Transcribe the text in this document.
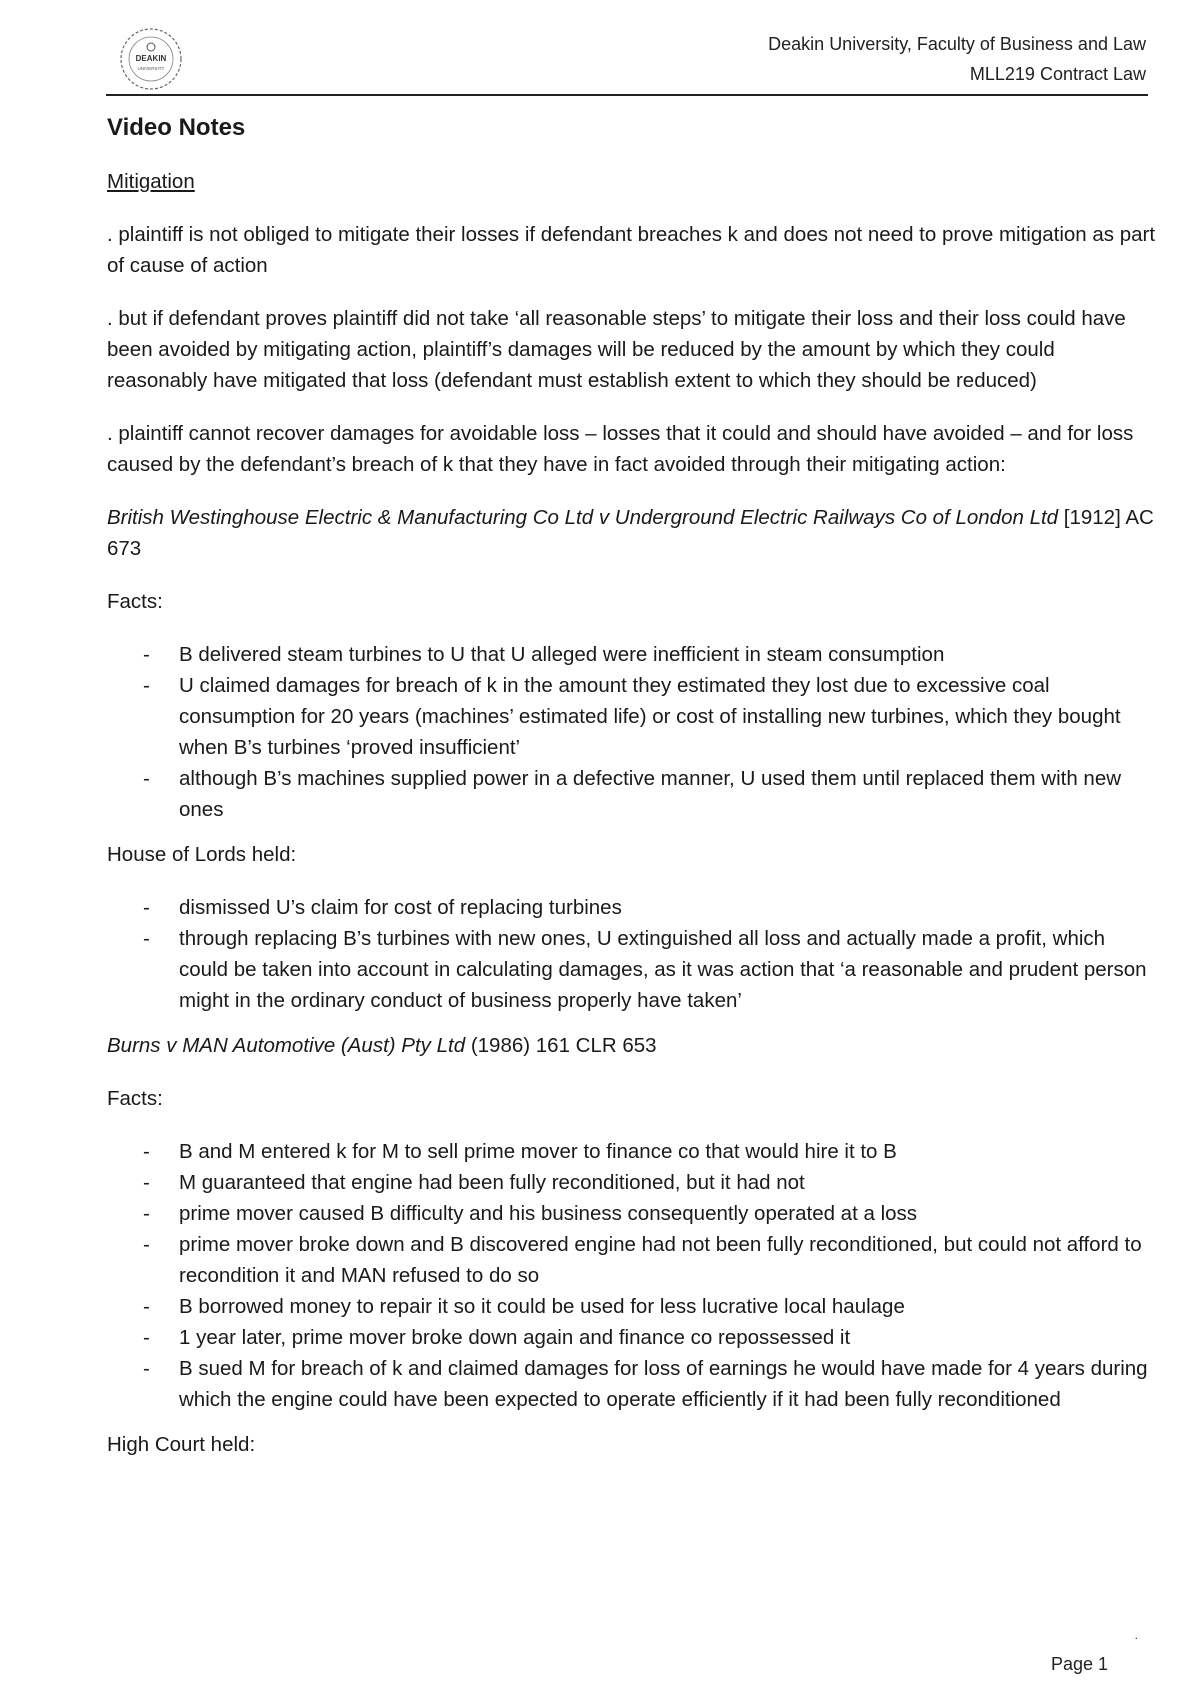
DEAKIN
UNIVERSITY
Deakin University, Faculty of Business and Law
MLL219 Contract Law
Video Notes
Mitigation

. plaintiff is not obliged to mitigate their losses if defendant breaches k and does not need to prove mitigation as part of cause of action

. but if defendant proves plaintiff did not take ‘all reasonable steps’ to mitigate their loss and their loss could have been avoided by mitigating action, plaintiff’s damages will be reduced by the amount by which they could reasonably have mitigated that loss (defendant must establish extent to which they should be reduced)

. plaintiff cannot recover damages for avoidable loss – losses that it could and should have avoided – and for loss caused by the defendant’s breach of k that they have in fact avoided through their mitigating action:

British Westinghouse Electric & Manufacturing Co Ltd v Underground Electric Railways Co of London Ltd [1912] AC 673

Facts:

- B delivered steam turbines to U that U alleged were inefficient in steam consumption
- U claimed damages for breach of k in the amount they estimated they lost due to excessive coal consumption for 20 years (machines’ estimated life) or cost of installing new turbines, which they bought when B’s turbines ‘proved insufficient’
- although B’s machines supplied power in a defective manner, U used them until replaced them with new ones

House of Lords held:

- dismissed U’s claim for cost of replacing turbines
- through replacing B’s turbines with new ones, U extinguished all loss and actually made a profit, which could be taken into account in calculating damages, as it was action that ‘a reasonable and prudent person might in the ordinary conduct of business properly have taken’

Burns v MAN Automotive (Aust) Pty Ltd (1986) 161 CLR 653

Facts:

- B and M entered k for M to sell prime mover to finance co that would hire it to B
- M guaranteed that engine had been fully reconditioned, but it had not
- prime mover caused B difficulty and his business consequently operated at a loss
- prime mover broke down and B discovered engine had not been fully reconditioned, but could not afford to recondition it and MAN refused to do so
- B borrowed money to repair it so it could be used for less lucrative local haulage
- 1 year later, prime mover broke down again and finance co repossessed it
- B sued M for breach of k and claimed damages for loss of earnings he would have made for 4 years during which the engine could have been expected to operate efficiently if it had been fully reconditioned

High Court held:

.
Page 1
